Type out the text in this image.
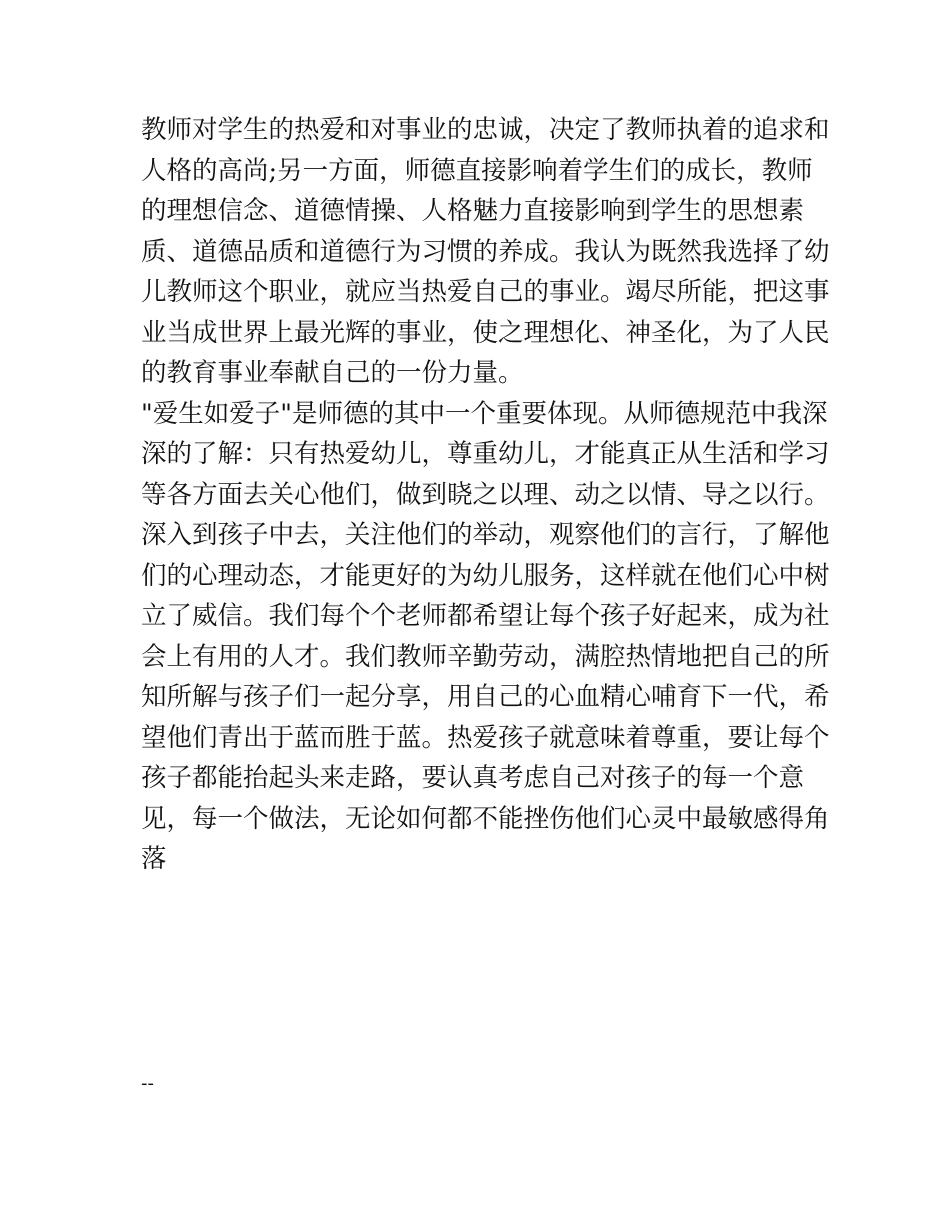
教师对学生的热爱和对事业的忠诚，决定了教师执着的追求和
人格的高尚;另一方面，师德直接影响着学生们的成长，教师
的理想信念、道德情操、人格魅力直接影响到学生的思想素
质、道德品质和道德行为习惯的养成。我认为既然我选择了幼
儿教师这个职业，就应当热爱自己的事业。竭尽所能，把这事
业当成世界上最光辉的事业，使之理想化、神圣化，为了人民
的教育事业奉献自己的一份力量。
"爱生如爱子"是师德的其中一个重要体现。从师德规范中我深
深的了解：只有热爱幼儿，尊重幼儿，才能真正从生活和学习
等各方面去关心他们，做到晓之以理、动之以情、导之以行。
深入到孩子中去，关注他们的举动，观察他们的言行，了解他
们的心理动态，才能更好的为幼儿服务，这样就在他们心中树
立了威信。我们每个个老师都希望让每个孩子好起来，成为社
会上有用的人才。我们教师辛勤劳动，满腔热情地把自己的所
知所解与孩子们一起分享，用自己的心血精心哺育下一代，希
望他们青出于蓝而胜于蓝。热爱孩子就意味着尊重，要让每个
孩子都能抬起头来走路，要认真考虑自己对孩子的每一个意
见，每一个做法，无论如何都不能挫伤他们心灵中最敏感得角
落
--
